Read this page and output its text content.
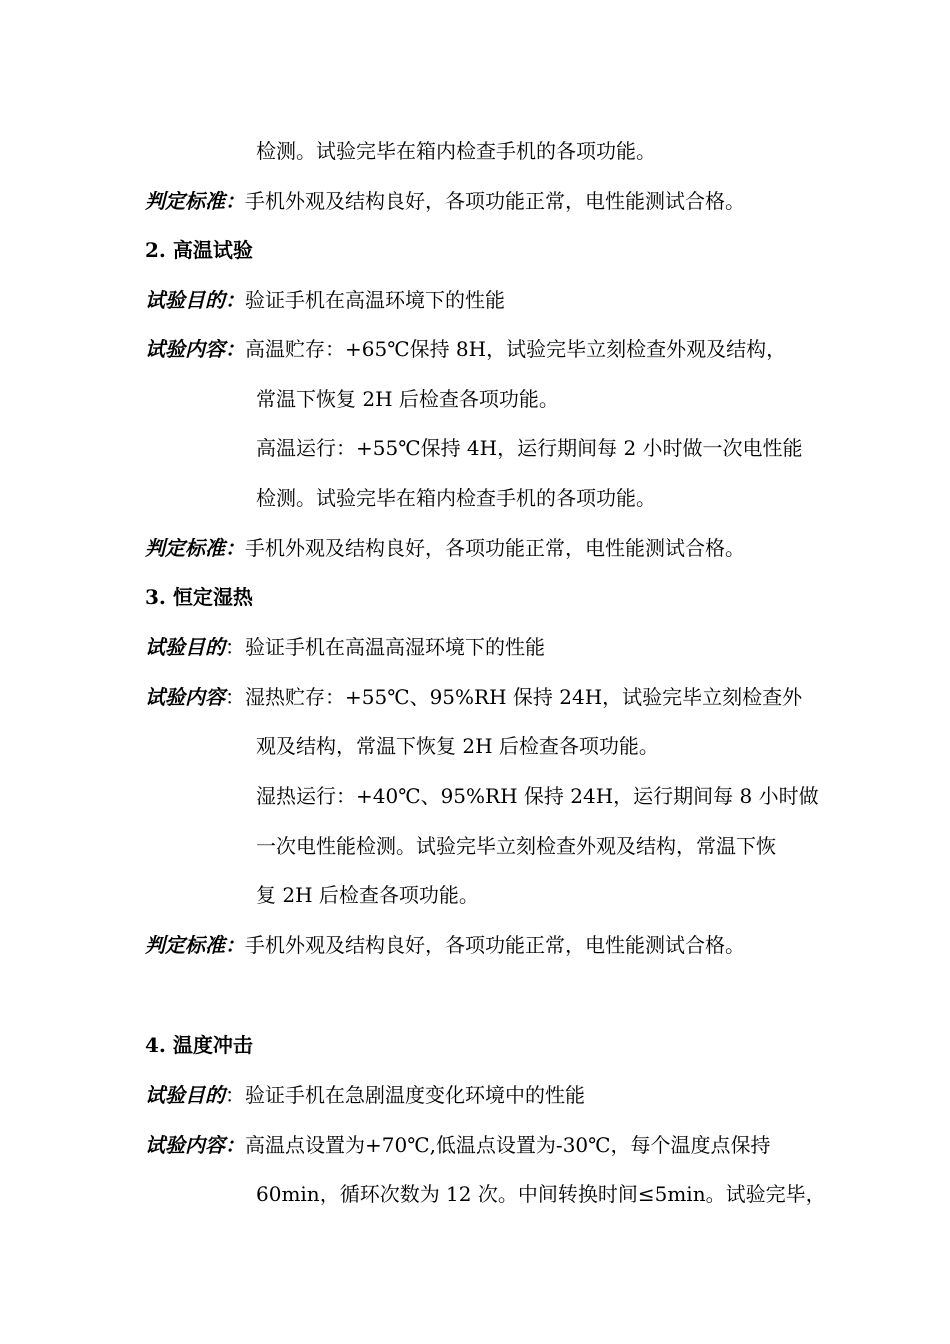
检测。试验完毕在箱内检查手机的各项功能。
判定标准：手机外观及结构良好，各项功能正常，电性能测试合格。
2. 高温试验
试验目的：验证手机在高温环境下的性能
试验内容：高温贮存：+65℃保持 8H，试验完毕立刻检查外观及结构，
常温下恢复 2H 后检查各项功能。
高温运行：+55℃保持 4H，运行期间每 2 小时做一次电性能
检测。试验完毕在箱内检查手机的各项功能。
判定标准：手机外观及结构良好，各项功能正常，电性能测试合格。
3. 恒定湿热
试验目的：验证手机在高温高湿环境下的性能
试验内容：湿热贮存：+55℃、95%RH 保持 24H，试验完毕立刻检查外
观及结构，常温下恢复 2H 后检查各项功能。
湿热运行：+40℃、95%RH 保持 24H，运行期间每 8 小时做
一次电性能检测。试验完毕立刻检查外观及结构，常温下恢
复 2H 后检查各项功能。
判定标准：手机外观及结构良好，各项功能正常，电性能测试合格。
4. 温度冲击
试验目的：验证手机在急剧温度变化环境中的性能
试验内容：高温点设置为+70℃,低温点设置为-30℃，每个温度点保持
60min，循环次数为 12 次。中间转换时间≤5min。试验完毕，
